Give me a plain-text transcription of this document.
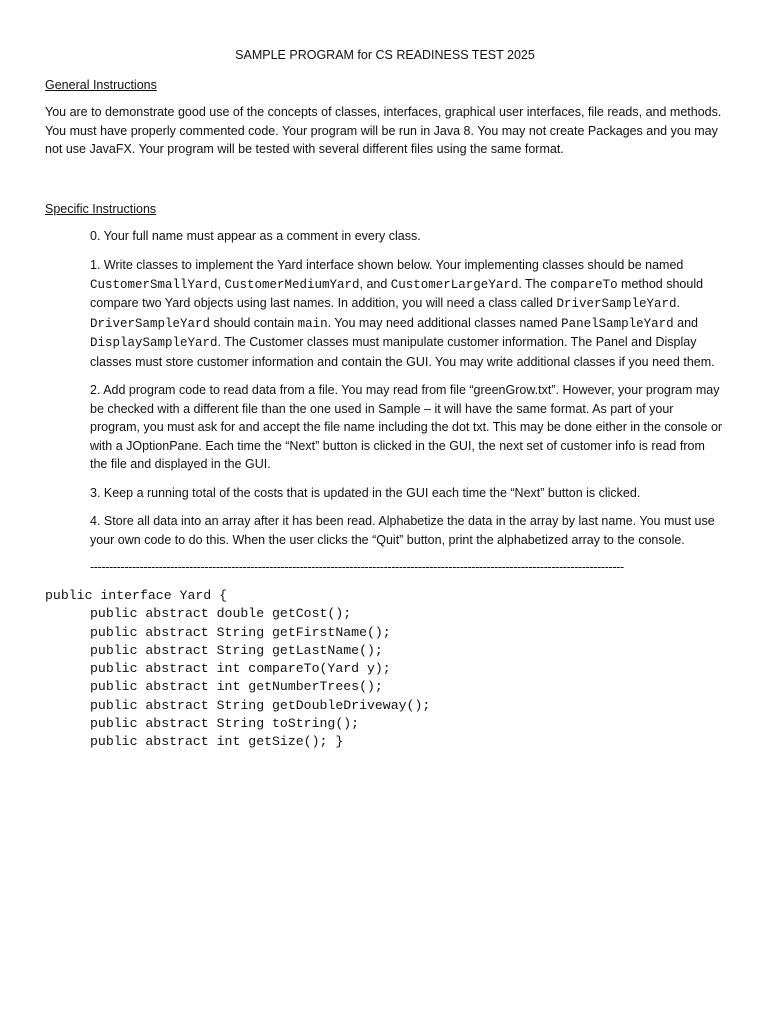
SAMPLE PROGRAM for CS READINESS TEST 2025
General Instructions

You are to demonstrate good use of the concepts of classes, interfaces, graphical user interfaces, file reads, and methods. You must have properly commented code. Your program will be run in Java 8. You may not create Packages and you may not use JavaFX. Your program will be tested with several different files using the same format.

Specific Instructions

0. Your full name must appear as a comment in every class.

1. Write classes to implement the Yard interface shown below. Your implementing classes should be named CustomerSmallYard, CustomerMediumYard, and CustomerLargeYard. The compareTo method should compare two Yard objects using last names. In addition, you will need a class called DriverSampleYard. DriverSampleYard should contain main. You may need additional classes named PanelSampleYard and DisplaySampleYard. The Customer classes must manipulate customer information. The Panel and Display classes must store customer information and contain the GUI. You may write additional classes if you need them.

2. Add program code to read data from a file. You may read from file “greenGrow.txt”. However, your program may be checked with a different file than the one used in Sample – it will have the same format. As part of your program, you must ask for and accept the file name including the dot txt. This may be done either in the console or with a JOptionPane. Each time the “Next” button is clicked in the GUI, the next set of customer info is read from the file and displayed in the GUI.

3. Keep a running total of the costs that is updated in the GUI each time the “Next” button is clicked.

4. Store all data into an array after it has been read. Alphabetize the data in the array by last name. You must use your own code to do this. When the user clicks the “Quit” button, print the alphabetized array to the console.

--------------------------------------------------------------------------------------------------------------------------------------------
public interface Yard {
public abstract double getCost();
public abstract String getFirstName();
public abstract String getLastName();
public abstract int compareTo(Yard y);
public abstract int getNumberTrees();
public abstract String getDoubleDriveway();
public abstract String toString();
public abstract int getSize(); }
